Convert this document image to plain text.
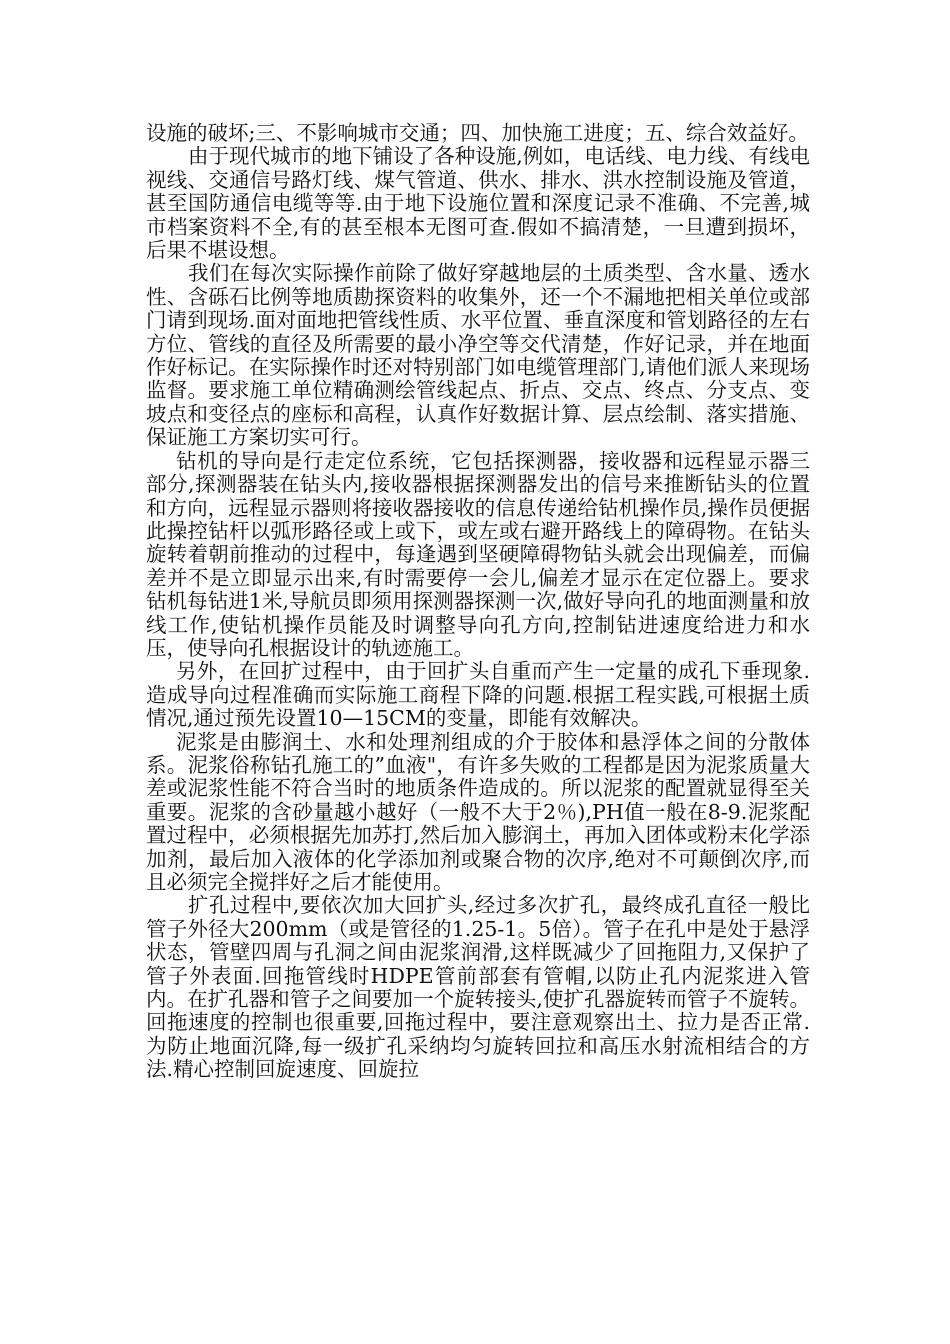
设施的破坏;三、不影响城市交通；四、加快施工进度；五、综合效益好。

由于现代城市的地下铺设了各种设施,例如，电话线、电力线、有线电视线、交通信号路灯线、煤气管道、供水、排水、洪水控制设施及管道，甚至国防通信电缆等等.由于地下设施位置和深度记录不准确、不完善,城市档案资料不全,有的甚至根本无图可查.假如不搞清楚，一旦遭到损坏，后果不堪设想。

我们在每次实际操作前除了做好穿越地层的土质类型、含水量、透水性、含砾石比例等地质勘探资料的收集外，还一个不漏地把相关单位或部门请到现场.面对面地把管线性质、水平位置、垂直深度和管划路径的左右方位、管线的直径及所需要的最小净空等交代清楚，作好记录，并在地面作好标记。在实际操作时还对特别部门如电缆管理部门,请他们派人来现场监督。要求施工单位精确测绘管线起点、折点、交点、终点、分支点、变坡点和变径点的座标和高程，认真作好数据计算、层点绘制、落实措施、保证施工方案切实可行。

钻机的导向是行走定位系统，它包括探测器，接收器和远程显示器三部分,探测器装在钻头内,接收器根据探测器发出的信号来推断钻头的位置和方向，远程显示器则将接收器接收的信息传递给钻机操作员,操作员便据此操控钻杆以弧形路径或上或下，或左或右避开路线上的障碍物。在钻头旋转着朝前推动的过程中，每逢遇到坚硬障碍物钻头就会出现偏差，而偏差并不是立即显示出来,有时需要停一会儿,偏差才显示在定位器上。要求钻机每钻进1米,导航员即须用探测器探测一次,做好导向孔的地面测量和放线工作,使钻机操作员能及时调整导向孔方向,控制钻进速度给进力和水压，使导向孔根据设计的轨迹施工。

另外，在回扩过程中，由于回扩头自重而产生一定量的成孔下垂现象.造成导向过程准确而实际施工商程下降的问题.根据工程实践,可根据土质情况,通过预先设置10—15CM的变量，即能有效解决。

泥浆是由膨润土、水和处理剂组成的介于胶体和悬浮体之间的分散体系。泥浆俗称钻孔施工的”血液"，有许多失败的工程都是因为泥浆质量大差或泥浆性能不符合当时的地质条件造成的。所以泥浆的配置就显得至关重要。泥浆的含砂量越小越好（一般不大于2％),PH值一般在8-9.泥浆配置过程中，必须根据先加苏打,然后加入膨润土，再加入团体或粉末化学添加剂，最后加入液体的化学添加剂或聚合物的次序,绝对不可颠倒次序,而且必须完全搅拌好之后才能使用。

扩孔过程中,要依次加大回扩头,经过多次扩孔，最终成孔直径一般比管子外径大200mm（或是管径的1.25-1。5倍）。管子在孔中是处于悬浮状态，管壁四周与孔洞之间由泥浆润滑,这样既减少了回拖阻力,又保护了管子外表面.回拖管线时HDPE管前部套有管帽,以防止孔内泥浆进入管内。在扩孔器和管子之间要加一个旋转接头,使扩孔器旋转而管子不旋转。回拖速度的控制也很重要,回拖过程中，要注意观察出土、拉力是否正常.为防止地面沉降,每一级扩孔采纳均匀旋转回拉和高压水射流相结合的方法.精心控制回旋速度、回旋拉
